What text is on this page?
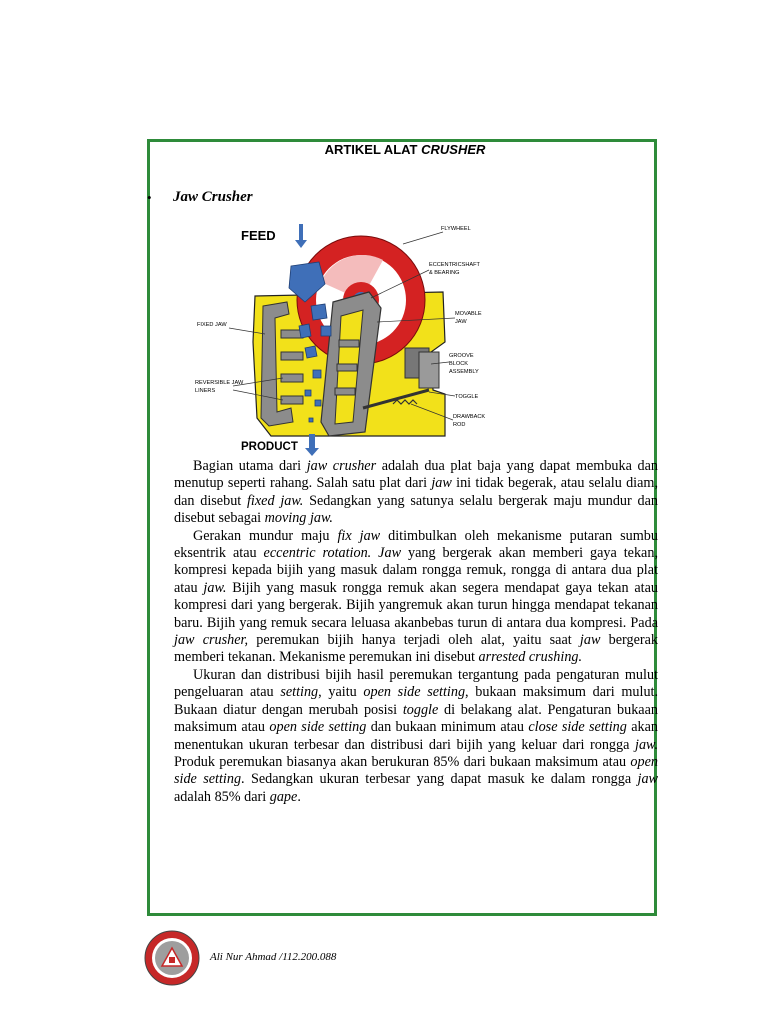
ARTIKEL ALAT CRUSHER
• Jaw Crusher
FEED
PRODUCT
FLYWHEEL
ECCENTRICSHAFT
& BEARING
MOVABLE
JAW
FIXED JAW
GROOVE
BLOCK
ASSEMBLY
REVERSIBLE JAW
LINERS
TOGGLE
DRAWBACK
ROD

Bagian utama dari jaw crusher adalah dua plat baja yang dapat membuka dan menutup seperti rahang. Salah satu plat dari jaw ini tidak begerak, atau selalu diam, dan disebut fixed jaw. Sedangkan yang satunya selalu bergerak maju mundur dan disebut sebagai moving jaw.

Gerakan mundur maju fix jaw ditimbulkan oleh mekanisme putaran sumbu eksentrik atau eccentric rotation. Jaw yang bergerak akan memberi gaya tekan, kompresi kepada bijih yang masuk dalam rongga remuk, rongga di antara dua plat atau jaw. Bijih yang masuk rongga remuk akan segera mendapat gaya tekan atau kompresi dari yang bergerak. Bijih yangremuk akan turun hingga mendapat tekanan baru. Bijih yang remuk secara leluasa akanbebas turun di antara dua kompresi. Pada jaw crusher, peremukan bijih hanya terjadi oleh alat, yaitu saat jaw bergerak memberi tekanan. Mekanisme peremukan ini disebut arrested crushing.

Ukuran dan distribusi bijih hasil peremukan tergantung pada pengaturan mulut pengeluaran atau setting, yaitu open side setting, bukaan maksimum dari mulut. Bukaan diatur dengan merubah posisi toggle di belakang alat. Pengaturan bukaan maksimum atau open side setting dan bukaan minimum atau close side setting akan menentukan ukuran terbesar dan distribusi dari bijih yang keluar dari rongga jaw. Produk peremukan biasanya akan berukuran 85% dari bukaan maksimum atau open side setting. Sedangkan ukuran terbesar yang dapat masuk ke dalam rongga jaw adalah 85% dari gape.

Ali Nur Ahmad /112.200.088
